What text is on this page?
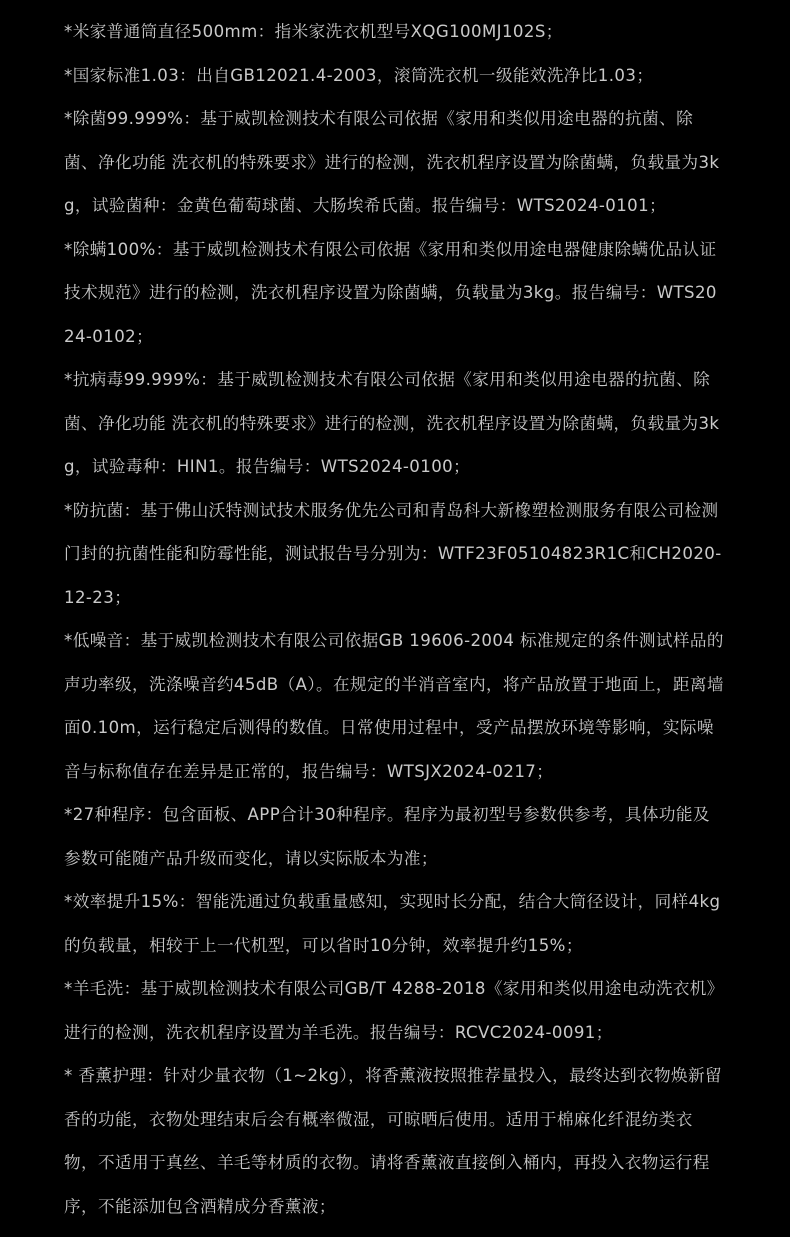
*米家普通筒直径500mm：指米家洗衣机型号XQG100MJ102S；

*国家标准1.03：出自GB12021.4-2003，滚筒洗衣机一级能效洗净比1.03；

*除菌99.999%：基于威凯检测技术有限公司依据《家用和类似用途电器的抗菌、除菌、净化功能 洗衣机的特殊要求》进行的检测，洗衣机程序设置为除菌螨，负载量为3kg，试验菌种：金黄色葡萄球菌、大肠埃希氏菌。报告编号：WTS2024-0101；

*除螨100%：基于威凯检测技术有限公司依据《家用和类似用途电器健康除螨优品认证技术规范》进行的检测，洗衣机程序设置为除菌螨，负载量为3kg。报告编号：WTS2024-0102；

*抗病毒99.999%：基于威凯检测技术有限公司依据《家用和类似用途电器的抗菌、除菌、净化功能 洗衣机的特殊要求》进行的检测，洗衣机程序设置为除菌螨，负载量为3kg，试验毒种：HIN1。报告编号：WTS2024-0100；

*防抗菌：基于佛山沃特测试技术服务优先公司和青岛科大新橡塑检测服务有限公司检测门封的抗菌性能和防霉性能，测试报告号分别为：WTF23F05104823R1C和CH2020-12-23；

*低噪音：基于威凯检测技术有限公司依据GB 19606-2004 标准规定的条件测试样品的声功率级，洗涤噪音约45dB（A）。在规定的半消音室内，将产品放置于地面上，距离墙面0.10m，运行稳定后测得的数值。日常使用过程中，受产品摆放环境等影响，实际噪音与标称值存在差异是正常的，报告编号：WTSJX2024-0217；

*27种程序：包含面板、APP合计30种程序。程序为最初型号参数供参考，具体功能及参数可能随产品升级而变化，请以实际版本为准；

*效率提升15%：智能洗通过负载重量感知，实现时长分配，结合大筒径设计，同样4kg的负载量，相较于上一代机型，可以省时10分钟，效率提升约15%；

*羊毛洗：基于威凯检测技术有限公司GB/T 4288-2018《家用和类似用途电动洗衣机》进行的检测，洗衣机程序设置为羊毛洗。报告编号：RCVC2024-0091；

* 香薰护理：针对少量衣物（1~2kg），将香薰液按照推荐量投入，最终达到衣物焕新留香的功能，衣物处理结束后会有概率微湿，可晾晒后使用。适用于棉麻化纤混纺类衣物，不适用于真丝、羊毛等材质的衣物。请将香薰液直接倒入桶内，再投入衣物运行程序，不能添加包含酒精成分香薰液；
